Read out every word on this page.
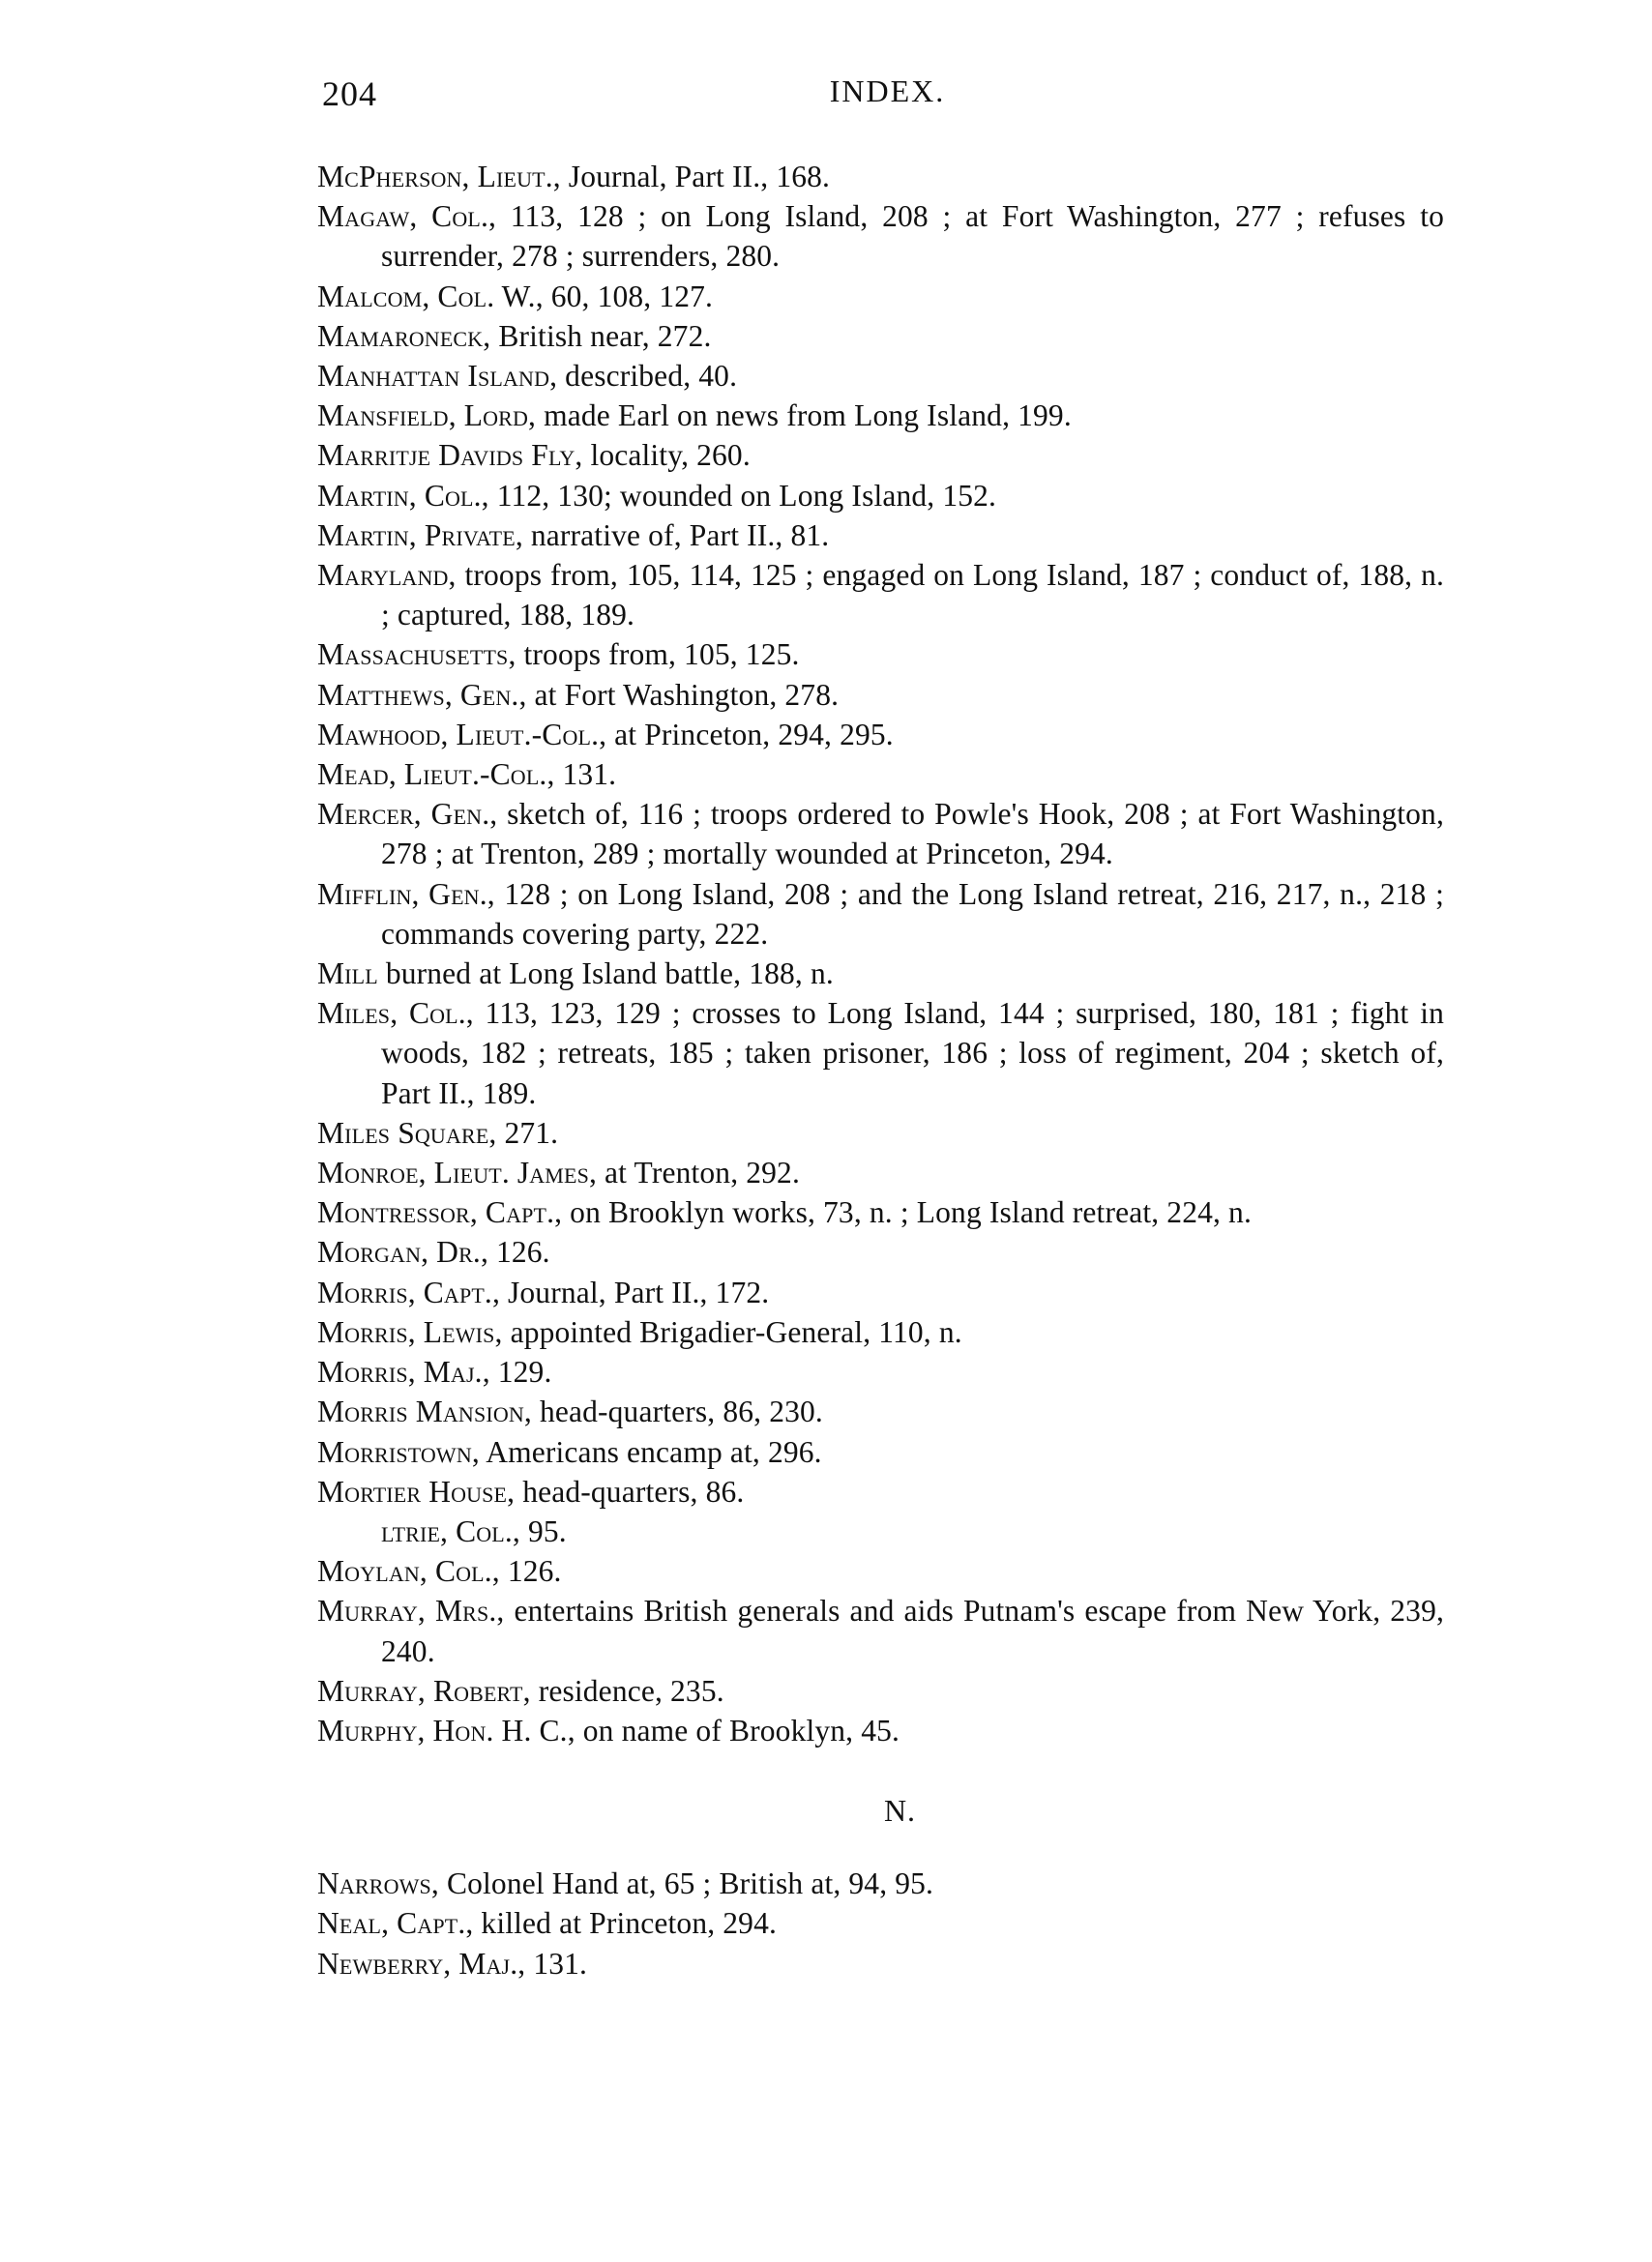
204	INDEX.
McPherson, Lieut., Journal, Part II., 168.
Magaw, Col., 113, 128 ; on Long Island, 208 ; at Fort Washington, 277 ; refuses to surrender, 278 ; surrenders, 280.
Malcom, Col. W., 60, 108, 127.
Mamaroneck, British near, 272.
Manhattan Island, described, 40.
Mansfield, Lord, made Earl on news from Long Island, 199.
Marritje Davids Fly, locality, 260.
Martin, Col., 112, 130; wounded on Long Island, 152.
Martin, Private, narrative of, Part II., 81.
Maryland, troops from, 105, 114, 125 ; engaged on Long Island, 187 ; conduct of, 188, n. ; captured, 188, 189.
Massachusetts, troops from, 105, 125.
Matthews, Gen., at Fort Washington, 278.
Mawhood, Lieut.-Col., at Princeton, 294, 295.
Mead, Lieut.-Col., 131.
Mercer, Gen., sketch of, 116 ; troops ordered to Powle's Hook, 208 ; at Fort Washington, 278 ; at Trenton, 289 ; mortally wounded at Princeton, 294.
Mifflin, Gen., 128 ; on Long Island, 208 ; and the Long Island retreat, 216, 217, n., 218 ; commands covering party, 222.
Mill burned at Long Island battle, 188, n.
Miles, Col., 113, 123, 129 ; crosses to Long Island, 144 ; surprised, 180, 181 ; fight in woods, 182 ; retreats, 185 ; taken prisoner, 186 ; loss of regiment, 204 ; sketch of, Part II., 189.
Miles Square, 271.
Monroe, Lieut. James, at Trenton, 292.
Montressor, Capt., on Brooklyn works, 73, n. ; Long Island retreat, 224, n.
Morgan, Dr., 126.
Morris, Capt., Journal, Part II., 172.
Morris, Lewis, appointed Brigadier-General, 110, n.
Morris, Maj., 129.
Morris Mansion, head-quarters, 86, 230.
Morristown, Americans encamp at, 296.
Mortier House, head-quarters, 86.
ltrie, Col., 95.
Moylan, Col., 126.
Murray, Mrs., entertains British generals and aids Putnam's escape from New York, 239, 240.
Murray, Robert, residence, 235.
Murphy, Hon. H. C., on name of Brooklyn, 45.
N.
Narrows, Colonel Hand at, 65 ; British at, 94, 95.
Neal, Capt., killed at Princeton, 294.
Newberry, Maj., 131.
